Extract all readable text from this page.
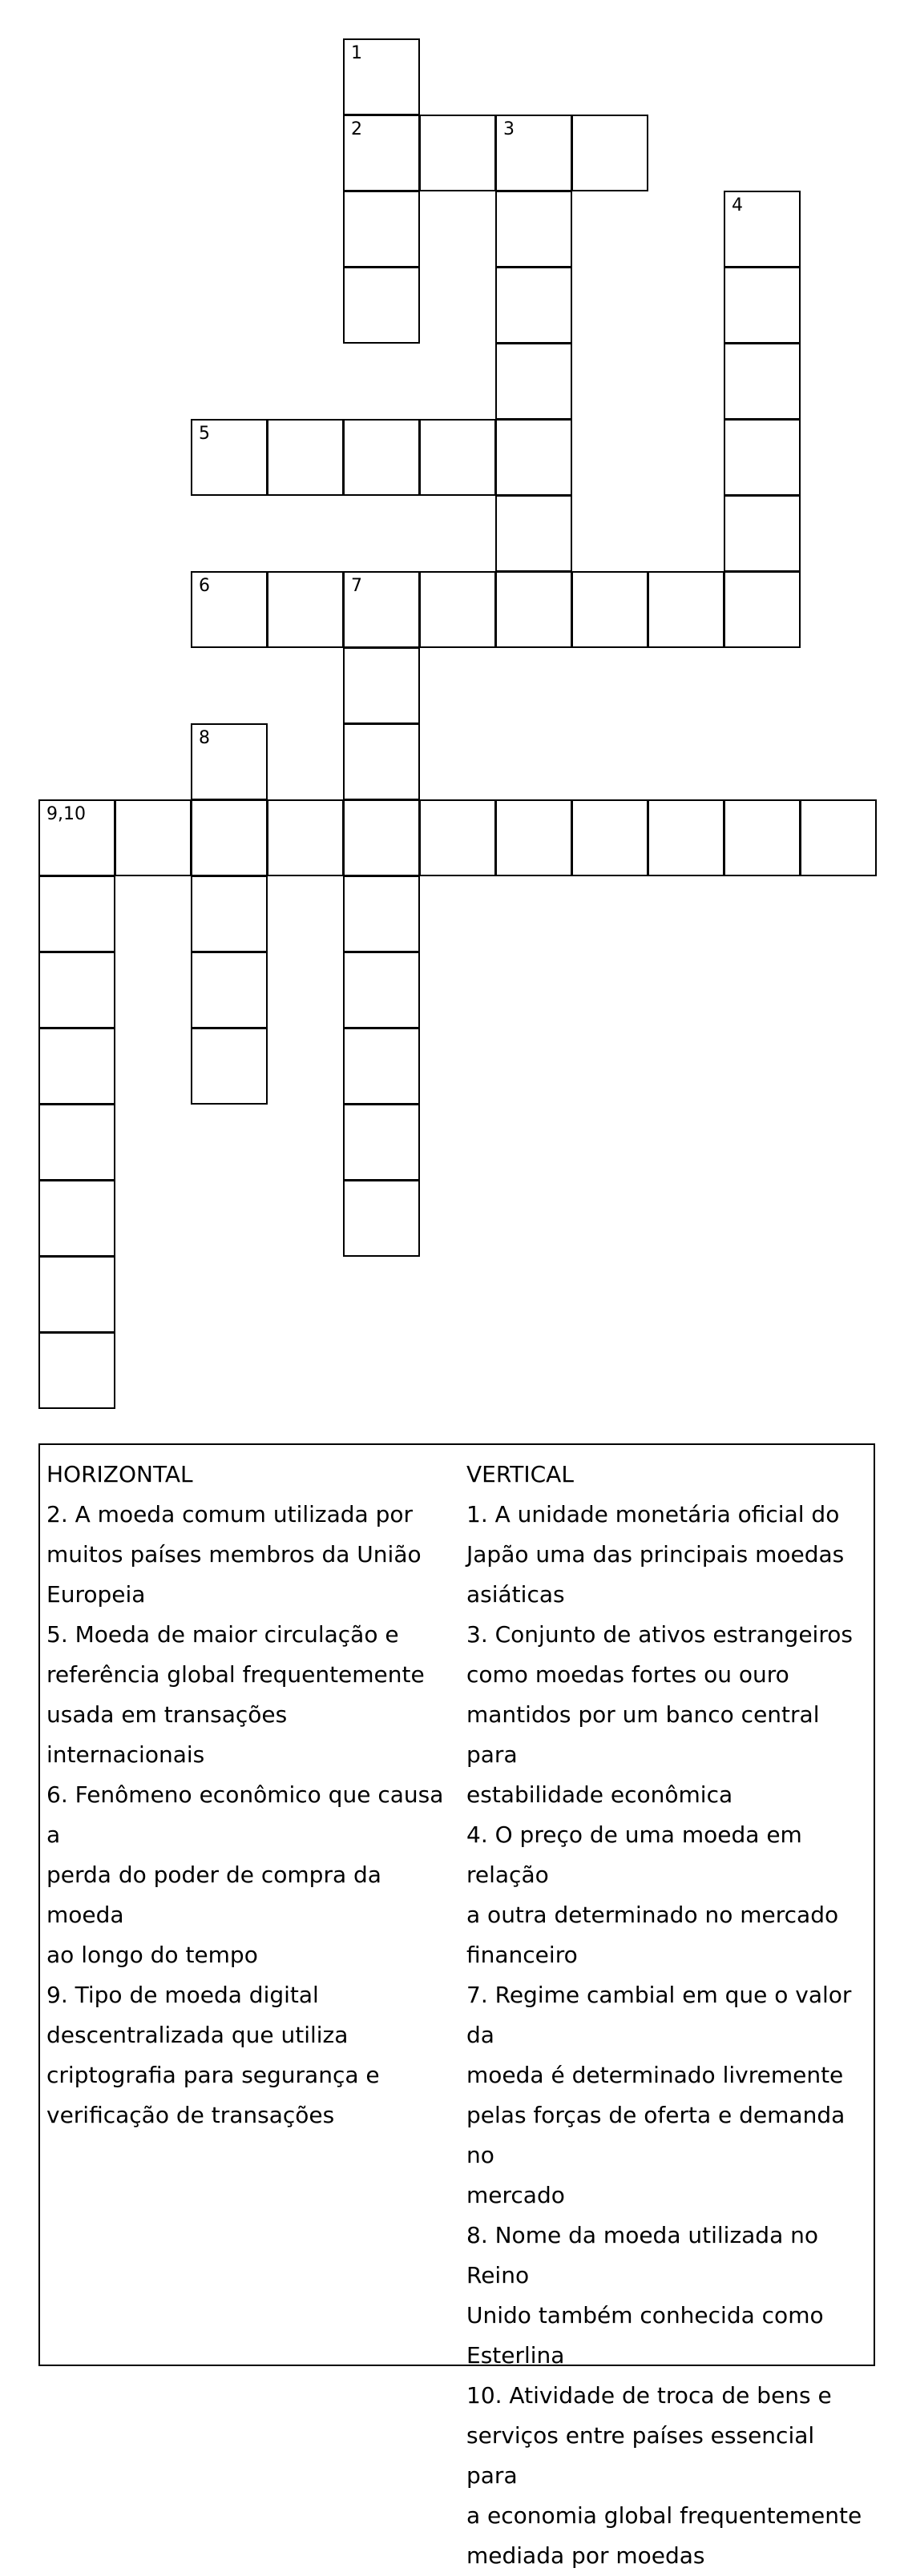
1
2	3
4
5
6	7
8
9,10
HORIZONTAL
2. A moeda comum utilizada por
muitos países membros da União
Europeia
5. Moeda de maior circulação e
referência global frequentemente
usada em transações internacionais
6. Fenômeno econômico que causa a
perda do poder de compra da moeda
ao longo do tempo
9. Tipo de moeda digital
descentralizada que utiliza
criptografia para segurança e
verificação de transações
VERTICAL
1. A unidade monetária oficial do
Japão uma das principais moedas
asiáticas
3. Conjunto de ativos estrangeiros
como moedas fortes ou ouro
mantidos por um banco central para
estabilidade econômica
4. O preço de uma moeda em relação
a outra determinado no mercado
financeiro
7. Regime cambial em que o valor da
moeda é determinado livremente
pelas forças de oferta e demanda no
mercado
8. Nome da moeda utilizada no Reino
Unido também conhecida como
Esterlina
10. Atividade de troca de bens e
serviços entre países essencial para
a economia global frequentemente
mediada por moedas
